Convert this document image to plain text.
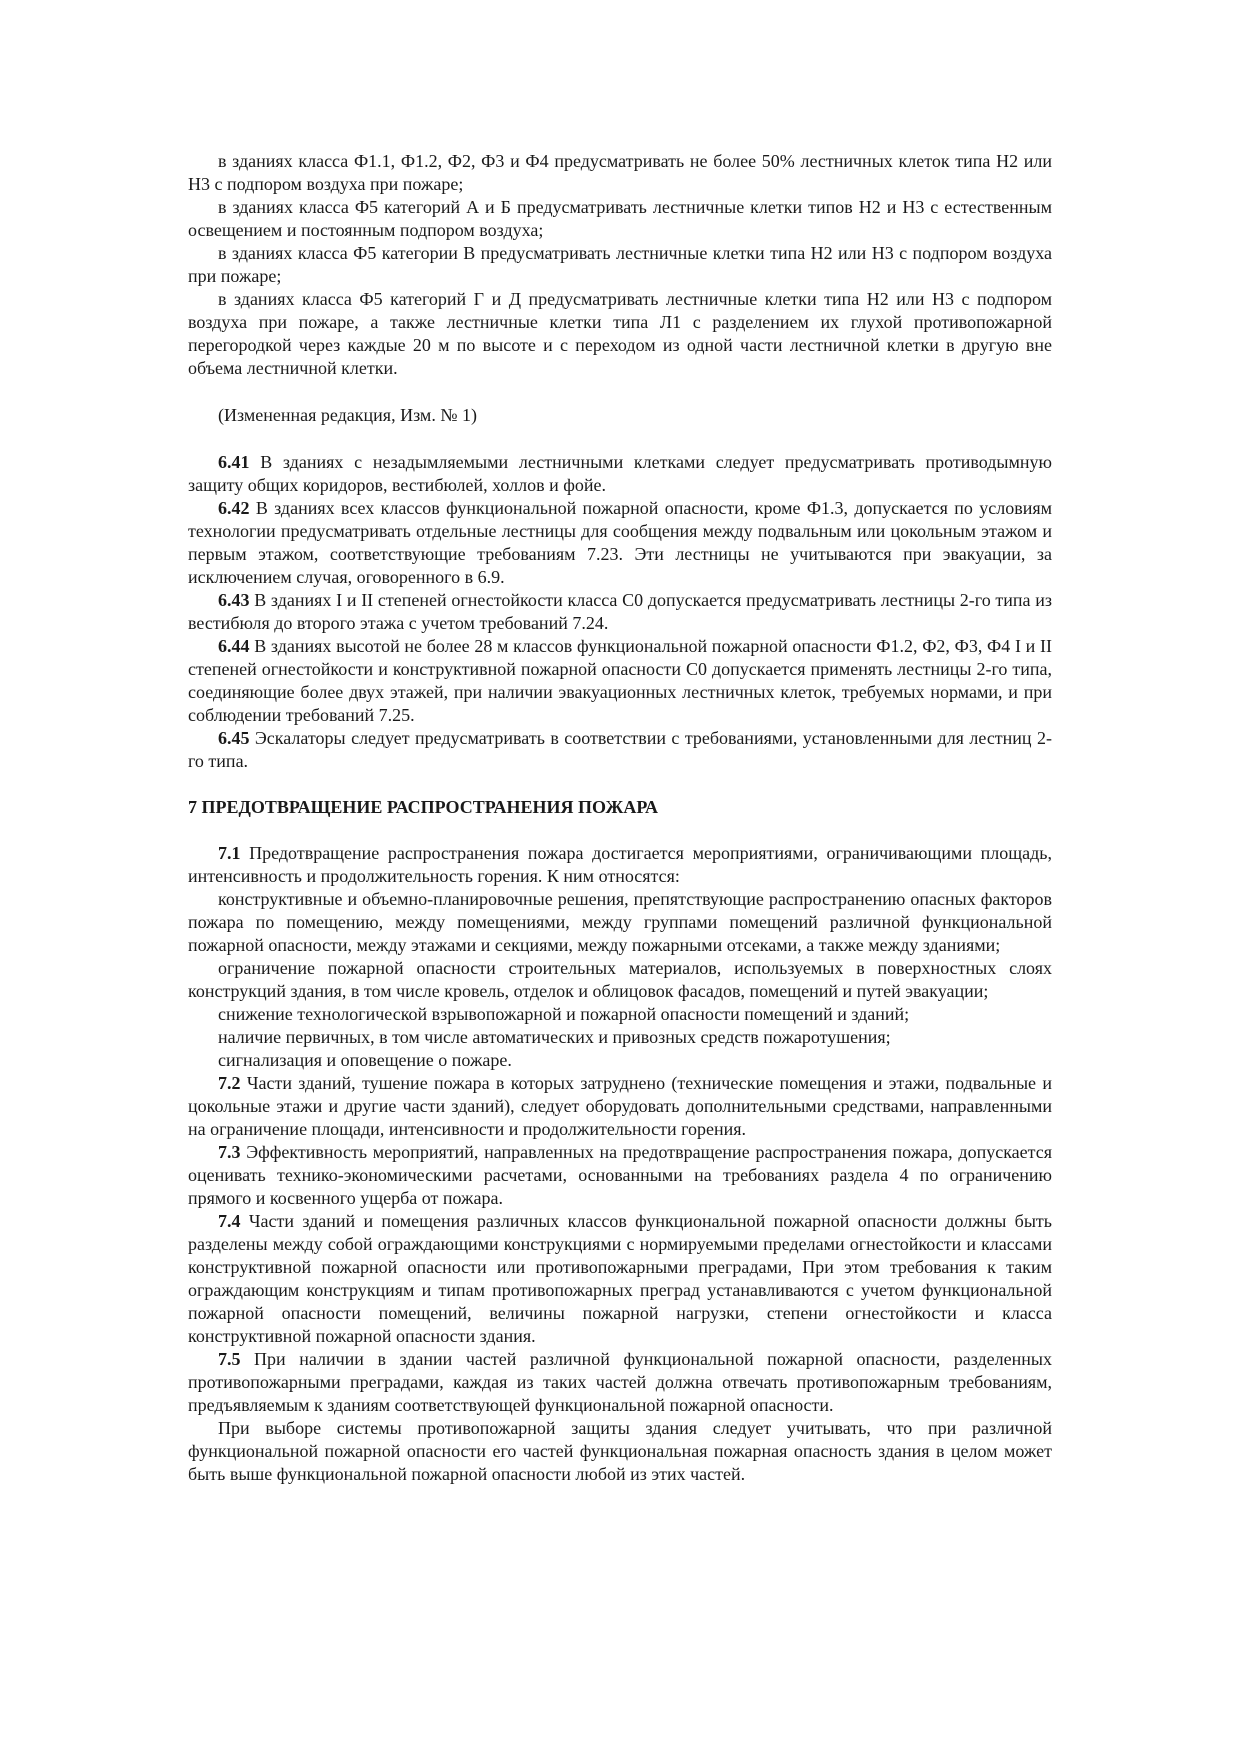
в зданиях класса Ф1.1, Ф1.2, Ф2, Ф3 и Ф4 предусматривать не более 50% лестничных клеток типа Н2 или Н3 с подпором воздуха при пожаре;

в зданиях класса Ф5 категорий А и Б предусматривать лестничные клетки типов Н2 и Н3 с естественным освещением и постоянным подпором воздуха;

в зданиях класса Ф5 категории В предусматривать лестничные клетки типа Н2 или Н3 с подпором воздуха при пожаре;

в зданиях класса Ф5 категорий Г и Д предусматривать лестничные клетки типа Н2 или Н3 с подпором воздуха при пожаре, а также лестничные клетки типа Л1 с разделением их глухой противопожарной перегородкой через каждые 20 м по высоте и с переходом из одной части лестничной клетки в другую вне объема лестничной клетки.

(Измененная редакция, Изм. № 1)

6.41 В зданиях с незадымляемыми лестничными клетками следует предусматривать противодымную защиту общих коридоров, вестибюлей, холлов и фойе.

6.42 В зданиях всех классов функциональной пожарной опасности, кроме Ф1.3, допускается по условиям технологии предусматривать отдельные лестницы для сообщения между подвальным или цокольным этажом и первым этажом, соответствующие требованиям 7.23. Эти лестницы не учитываются при эвакуации, за исключением случая, оговоренного в 6.9.

6.43 В зданиях I и II степеней огнестойкости класса С0 допускается предусматривать лестницы 2-го типа из вестибюля до второго этажа с учетом требований 7.24.

6.44 В зданиях высотой не более 28 м классов функциональной пожарной опасности Ф1.2, Ф2, Ф3, Ф4 I и II степеней огнестойкости и конструктивной пожарной опасности С0 допускается применять лестницы 2-го типа, соединяющие более двух этажей, при наличии эвакуационных лестничных клеток, требуемых нормами, и при соблюдении требований 7.25.

6.45 Эскалаторы следует предусматривать в соответствии с требованиями, установленными для лестниц 2-го типа.

7 ПРЕДОТВРАЩЕНИЕ РАСПРОСТРАНЕНИЯ ПОЖАРА

7.1 Предотвращение распространения пожара достигается мероприятиями, ограничивающими площадь, интенсивность и продолжительность горения. К ним относятся:

конструктивные и объемно-планировочные решения, препятствующие распространению опасных факторов пожара по помещению, между помещениями, между группами помещений различной функциональной пожарной опасности, между этажами и секциями, между пожарными отсеками, а также между зданиями;

ограничение пожарной опасности строительных материалов, используемых в поверхностных слоях конструкций здания, в том числе кровель, отделок и облицовок фасадов, помещений и путей эвакуации;

снижение технологической взрывопожарной и пожарной опасности помещений и зданий;

наличие первичных, в том числе автоматических и привозных средств пожаротушения;

сигнализация и оповещение о пожаре.

7.2 Части зданий, тушение пожара в которых затруднено (технические помещения и этажи, подвальные и цокольные этажи и другие части зданий), следует оборудовать дополнительными средствами, направленными на ограничение площади, интенсивности и продолжительности горения.

7.3 Эффективность мероприятий, направленных на предотвращение распространения пожара, допускается оценивать технико-экономическими расчетами, основанными на требованиях раздела 4 по ограничению прямого и косвенного ущерба от пожара.

7.4 Части зданий и помещения различных классов функциональной пожарной опасности должны быть разделены между собой ограждающими конструкциями с нормируемыми пределами огнестойкости и классами конструктивной пожарной опасности или противопожарными преградами, При этом требования к таким ограждающим конструкциям и типам противопожарных преград устанавливаются с учетом функциональной пожарной опасности помещений, величины пожарной нагрузки, степени огнестойкости и класса конструктивной пожарной опасности здания.

7.5 При наличии в здании частей различной функциональной пожарной опасности, разделенных противопожарными преградами, каждая из таких частей должна отвечать противопожарным требованиям, предъявляемым к зданиям соответствующей функциональной пожарной опасности.

При выборе системы противопожарной защиты здания следует учитывать, что при различной функциональной пожарной опасности его частей функциональная пожарная опасность здания в целом может быть выше функциональной пожарной опасности любой из этих частей.
